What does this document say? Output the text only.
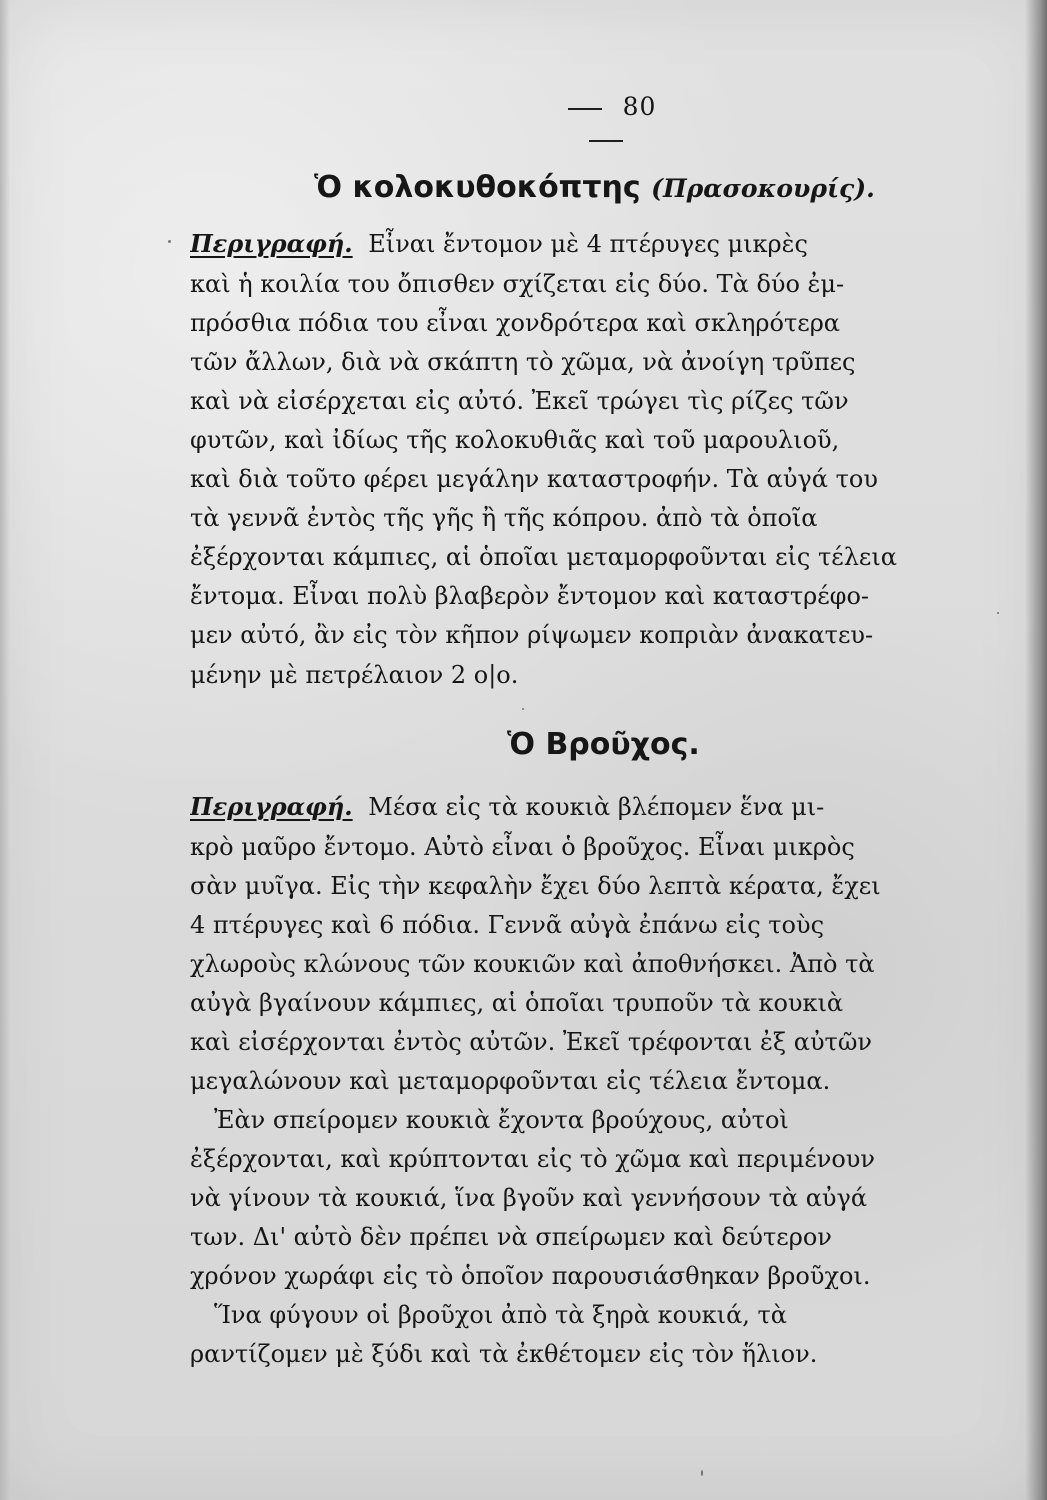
80
Ὁ κολοκυθοκόπτης (Πρασοκουρίς).
Περιγραφή. Εἶναι ἔντομον μὲ 4 πτέρυγες μικρὲς
καὶ ἡ κοιλία του ὄπισθεν σχίζεται εἰς δύο. Τὰ δύο ἐμ-
πρόσθια πόδια του εἶναι χονδρότερα καὶ σκληρότερα
τῶν ἄλλων, διὰ νὰ σκάπτη τὸ χῶμα, νὰ ἀνοίγη τρῦπες
καὶ νὰ εἰσέρχεται εἰς αὐτό. Ἐκεῖ τρώγει τὶς ρίζες τῶν
φυτῶν, καὶ ἰδίως τῆς κολοκυθιᾶς καὶ τοῦ μαρουλιοῦ,
καὶ διὰ τοῦτο φέρει μεγάλην καταστροφήν. Τὰ αὐγά του
τὰ γεννᾶ ἐντὸς τῆς γῆς ἢ τῆς κόπρου. ἀπὸ τὰ ὁποῖα
ἐξέρχονται κάμπιες, αἱ ὁποῖαι μεταμορφοῦνται εἰς τέλεια
ἔντομα. Εἶναι πολὺ βλαβερὸν ἔντομον καὶ καταστρέφο-
μεν αὐτό, ἂν εἰς τὸν κῆπον ρίψωμεν κοπριὰν ἀνακατευ-
μένην μὲ πετρέλαιον 2 ο|ο.
Ὁ Βροῦχος.
Περιγραφή. Μέσα εἰς τὰ κουκιὰ βλέπομεν ἕνα μι-
κρὸ μαῦρο ἔντομο. Αὐτὸ εἶναι ὁ βροῦχος. Εἶναι μικρὸς
σὰν μυῖγα. Εἰς τὴν κεφαλὴν ἔχει δύο λεπτὰ κέρατα, ἔχει
4 πτέρυγες καὶ 6 πόδια. Γεννᾶ αὐγὰ ἐπάνω εἰς τοὺς
χλωροὺς κλώνους τῶν κουκιῶν καὶ ἀποθνήσκει. Ἀπὸ τὰ
αὐγὰ βγαίνουν κάμπιες, αἱ ὁποῖαι τρυποῦν τὰ κουκιὰ
καὶ εἰσέρχονται ἐντὸς αὐτῶν. Ἐκεῖ τρέφονται ἐξ αὐτῶν
μεγαλώνουν καὶ μεταμορφοῦνται εἰς τέλεια ἔντομα.
Ἐὰν σπείρομεν κουκιὰ ἔχοντα βρούχους, αὐτοὶ
ἐξέρχονται, καὶ κρύπτονται εἰς τὸ χῶμα καὶ περιμένουν
νὰ γίνουν τὰ κουκιά, ἵνα βγοῦν καὶ γεννήσουν τὰ αὐγά
των. Δι' αὐτὸ δὲν πρέπει νὰ σπείρωμεν καὶ δεύτερον
χρόνον χωράφι εἰς τὸ ὁποῖον παρουσιάσθηκαν βροῦχοι.
Ἵνα φύγουν οἱ βροῦχοι ἀπὸ τὰ ξηρὰ κουκιά, τὰ
ραντίζομεν μὲ ξύδι καὶ τὰ ἐκθέτομεν εἰς τὸν ἥλιον.
